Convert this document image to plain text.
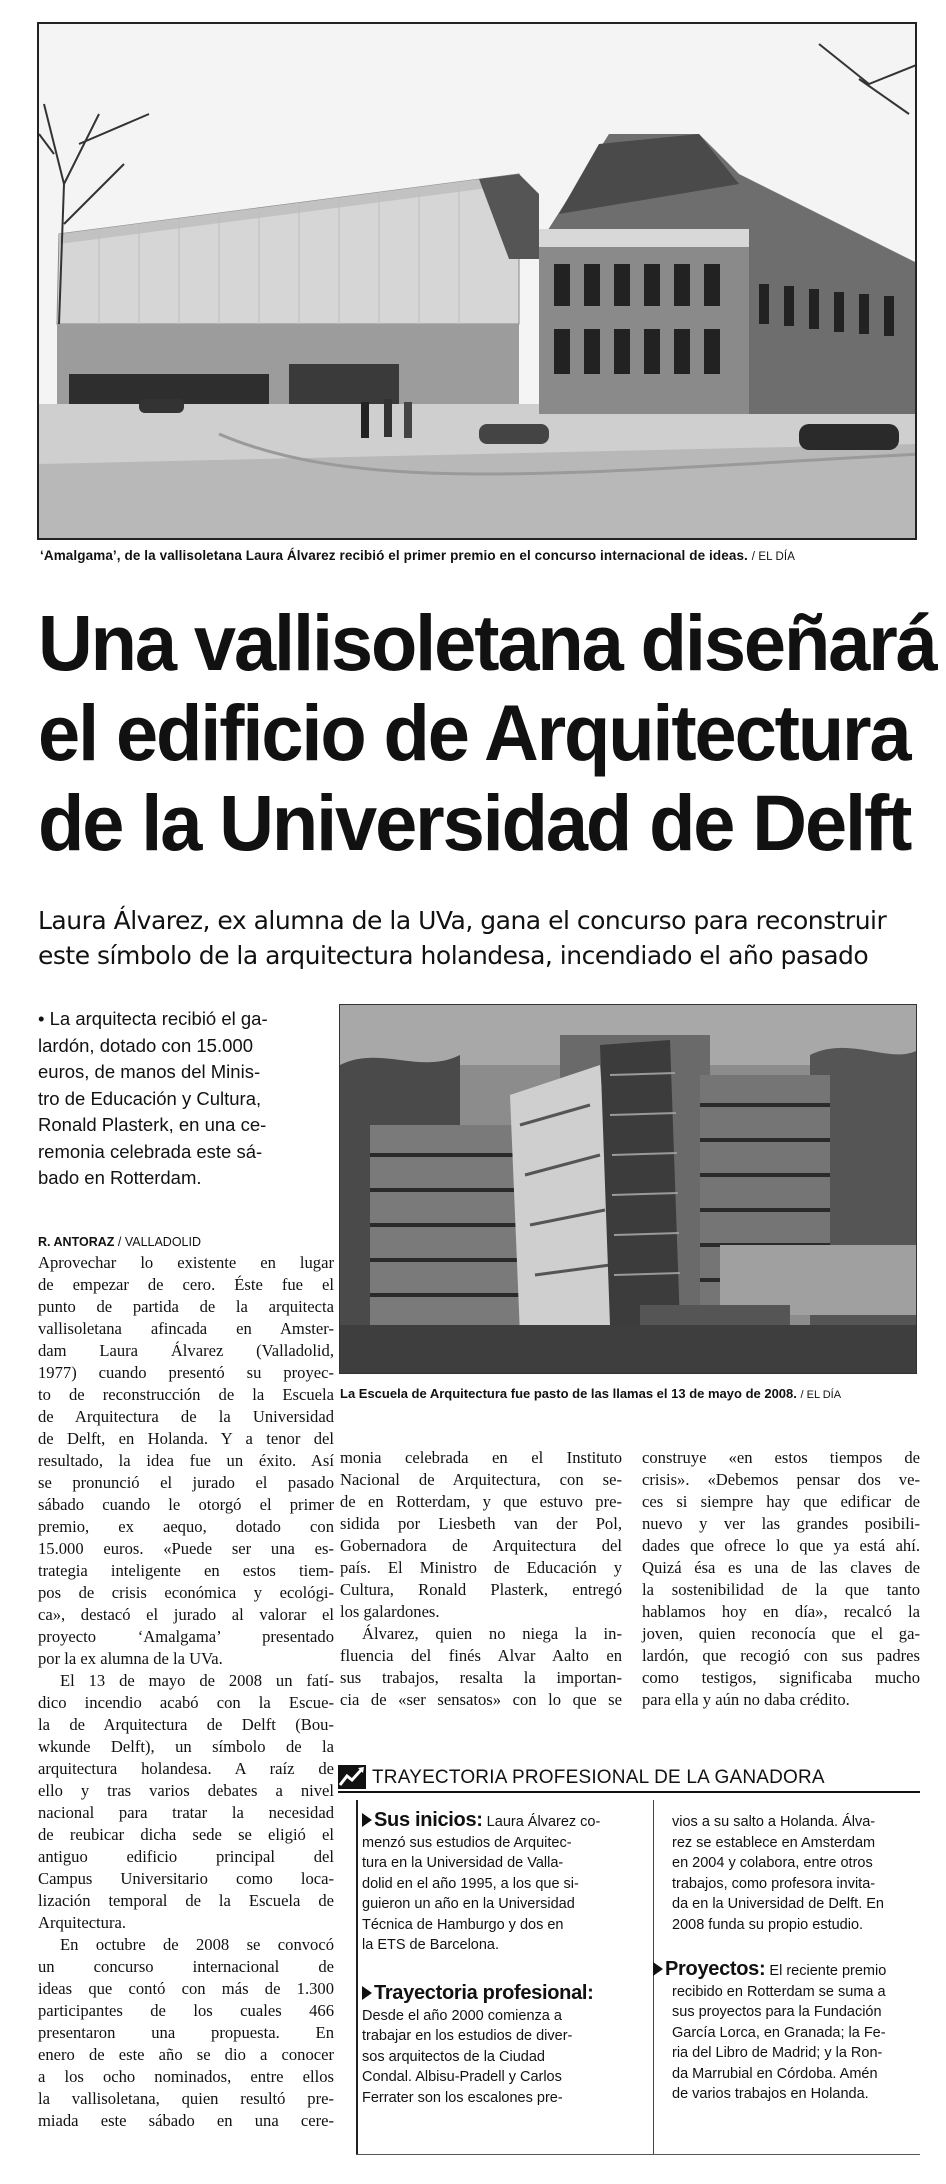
‘Amalgama’, de la vallisoletana Laura Álvarez recibió el primer premio en el concurso internacional de ideas. / EL DÍA
Una vallisoletana diseñará
el edificio de Arquitectura
de la Universidad de Delft
Laura Álvarez, ex alumna de la UVa, gana el concurso para reconstruir
este símbolo de la arquitectura holandesa, incendiado el año pasado
• La arquitecta recibió el ga-
lardón, dotado con 15.000
euros, de manos del Minis-
tro de Educación y Cultura,
Ronald Plasterk, en una ce-
remonia celebrada este sá-
bado en Rotterdam.
La Escuela de Arquitectura fue pasto de las llamas el 13 de mayo de 2008. / EL DÍA
R. ANTORAZ / VALLADOLID
Aprovechar lo existente en lugar
de empezar de cero. Éste fue el
punto de partida de la arquitecta
vallisoletana afincada en Amster-
dam Laura Álvarez (Valladolid,
1977) cuando presentó su proyec-
to de reconstrucción de la Escuela
de Arquitectura de la Universidad
de Delft, en Holanda. Y a tenor del
resultado, la idea fue un éxito. Así
se pronunció el jurado el pasado
sábado cuando le otorgó el primer
premio, ex aequo, dotado con
15.000 euros. «Puede ser una es-
trategia inteligente en estos tiem-
pos de crisis económica y ecológi-
ca», destacó el jurado al valorar el
proyecto ‘Amalgama’ presentado
por la ex alumna de la UVa.
El 13 de mayo de 2008 un fatí-
dico incendio acabó con la Escue-
la de Arquitectura de Delft (Bou-
wkunde Delft), un símbolo de la
arquitectura holandesa. A raíz de
ello y tras varios debates a nivel
nacional para tratar la necesidad
de reubicar dicha sede se eligió el
antiguo edificio principal del
Campus Universitario como loca-
lización temporal de la Escuela de
Arquitectura.
En octubre de 2008 se convocó
un concurso internacional de
ideas que contó con más de 1.300
participantes de los cuales 466
presentaron una propuesta. En
enero de este año se dio a conocer
a los ocho nominados, entre ellos
la vallisoletana, quien resultó pre-
miada este sábado en una cere-
monia celebrada en el Instituto
Nacional de Arquitectura, con se-
de en Rotterdam, y que estuvo pre-
sidida por Liesbeth van der Pol,
Gobernadora de Arquitectura del
país. El Ministro de Educación y
Cultura, Ronald Plasterk, entregó
los galardones.
Álvarez, quien no niega la in-
fluencia del finés Alvar Aalto en
sus trabajos, resalta la importan-
cia de «ser sensatos» con lo que se
construye «en estos tiempos de
crisis». «Debemos pensar dos ve-
ces si siempre hay que edificar de
nuevo y ver las grandes posibili-
dades que ofrece lo que ya está ahí.
Quizá ésa es una de las claves de
la sostenibilidad de la que tanto
hablamos hoy en día», recalcó la
joven, quien reconocía que el ga-
lardón, que recogió con sus padres
como testigos, significaba mucho
para ella y aún no daba crédito.
TRAYECTORIA PROFESIONAL DE LA GANADORA
Sus inicios: Laura Álvarez co-
menzó sus estudios de Arquitec-
tura en la Universidad de Valla-
dolid en el año 1995, a los que si-
guieron un año en la Universidad
Técnica de Hamburgo y dos en
la ETS de Barcelona.
Trayectoria profesional:
Desde el año 2000 comienza a
trabajar en los estudios de diver-
sos arquitectos de la Ciudad
Condal. Albisu-Pradell y Carlos
Ferrater son los escalones pre-
vios a su salto a Holanda. Álva-
rez se establece en Amsterdam
en 2004 y colabora, entre otros
trabajos, como profesora invita-
da en la Universidad de Delft. En
2008 funda su propio estudio.
Proyectos: El reciente premio
recibido en Rotterdam se suma a
sus proyectos para la Fundación
García Lorca, en Granada; la Fe-
ria del Libro de Madrid; y la Ron-
da Marrubial en Córdoba. Amén
de varios trabajos en Holanda.
